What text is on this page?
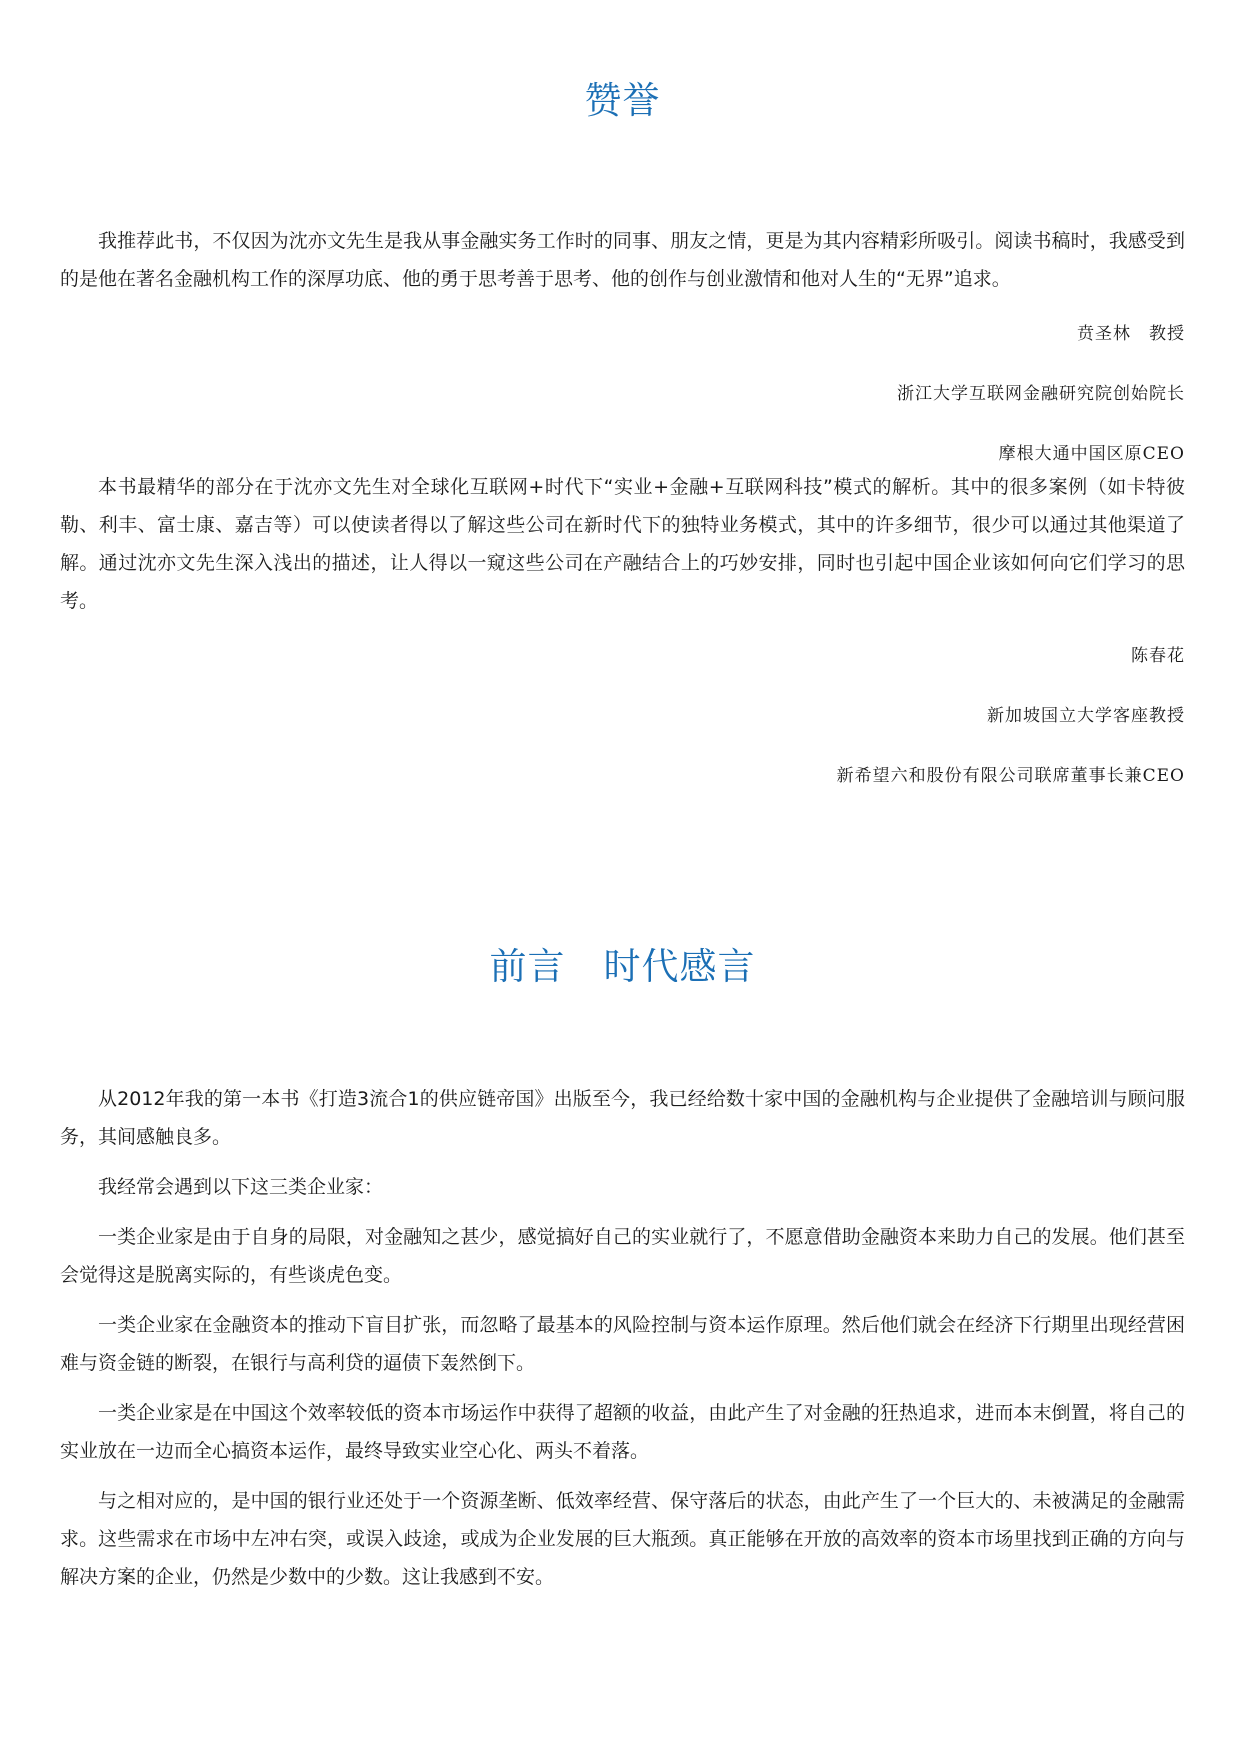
赞誉

我推荐此书，不仅因为沈亦文先生是我从事金融实务工作时的同事、朋友之情，更是为其内容精彩所吸引。阅读书稿时，我感受到的是他在著名金融机构工作的深厚功底、他的勇于思考善于思考、他的创作与创业激情和他对人生的“无界”追求。

贲圣林　教授

浙江大学互联网金融研究院创始院长

摩根大通中国区原CEO

本书最精华的部分在于沈亦文先生对全球化互联网+时代下“实业+金融+互联网科技”模式的解析。其中的很多案例（如卡特彼勒、利丰、富士康、嘉吉等）可以使读者得以了解这些公司在新时代下的独特业务模式，其中的许多细节，很少可以通过其他渠道了解。通过沈亦文先生深入浅出的描述，让人得以一窥这些公司在产融结合上的巧妙安排，同时也引起中国企业该如何向它们学习的思考。

陈春花

新加坡国立大学客座教授

新希望六和股份有限公司联席董事长兼CEO

前言　时代感言

从2012年我的第一本书《打造3流合1的供应链帝国》出版至今，我已经给数十家中国的金融机构与企业提供了金融培训与顾问服务，其间感触良多。

我经常会遇到以下这三类企业家：

一类企业家是由于自身的局限，对金融知之甚少，感觉搞好自己的实业就行了，不愿意借助金融资本来助力自己的发展。他们甚至会觉得这是脱离实际的，有些谈虎色变。

一类企业家在金融资本的推动下盲目扩张，而忽略了最基本的风险控制与资本运作原理。然后他们就会在经济下行期里出现经营困难与资金链的断裂，在银行与高利贷的逼债下轰然倒下。

一类企业家是在中国这个效率较低的资本市场运作中获得了超额的收益，由此产生了对金融的狂热追求，进而本末倒置，将自己的实业放在一边而全心搞资本运作，最终导致实业空心化、两头不着落。

与之相对应的，是中国的银行业还处于一个资源垄断、低效率经营、保守落后的状态，由此产生了一个巨大的、未被满足的金融需求。这些需求在市场中左冲右突，或误入歧途，或成为企业发展的巨大瓶颈。真正能够在开放的高效率的资本市场里找到正确的方向与解决方案的企业，仍然是少数中的少数。这让我感到不安。
